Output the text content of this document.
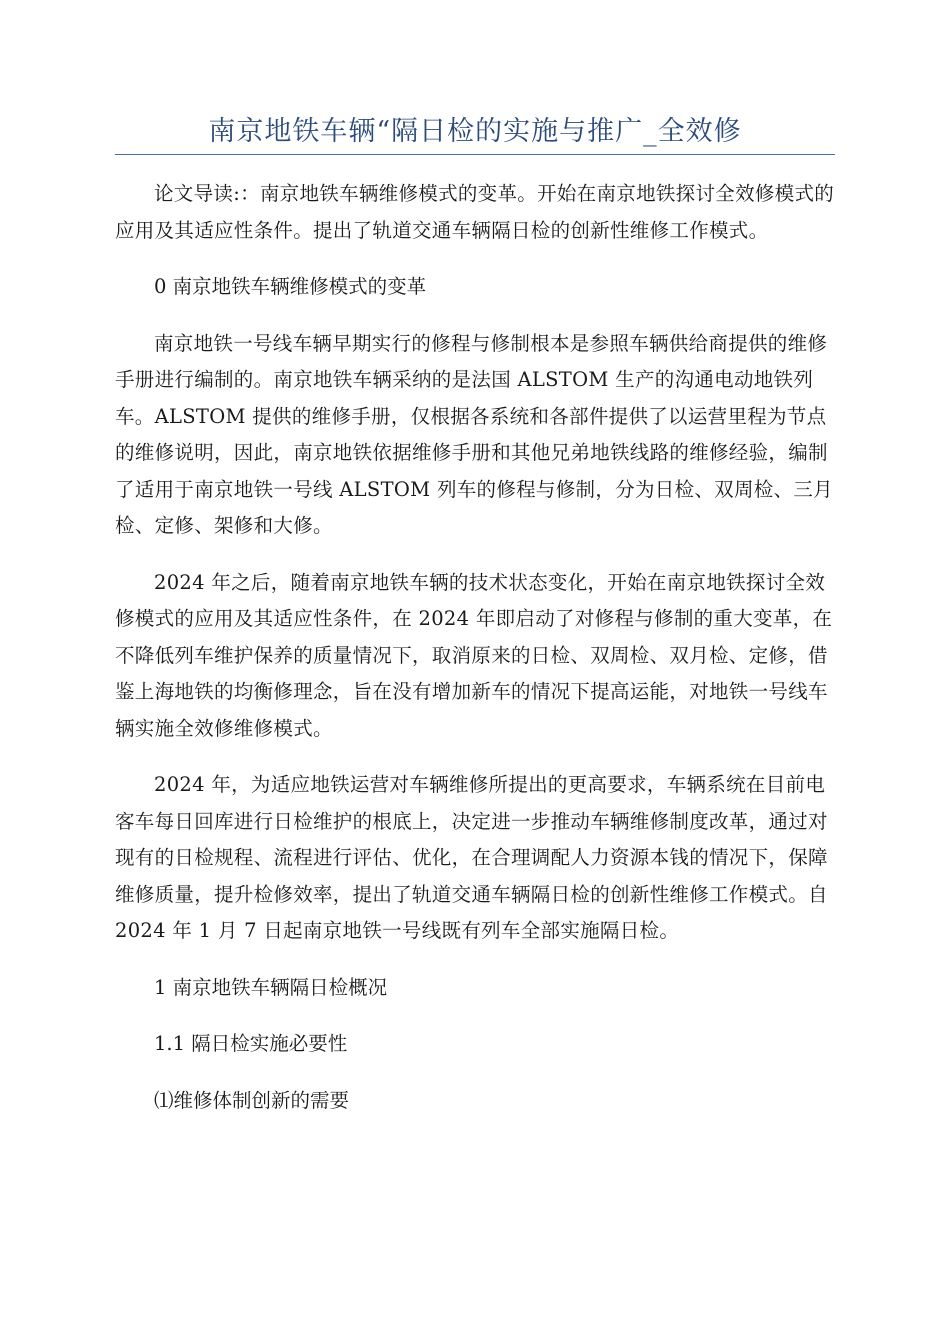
南京地铁车辆“隔日检的实施与推广_全效修

论文导读:：南京地铁车辆维修模式的变革。开始在南京地铁探讨全效修模式的应用及其适应性条件。提出了轨道交通车辆隔日检的创新性维修工作模式。

0 南京地铁车辆维修模式的变革

南京地铁一号线车辆早期实行的修程与修制根本是参照车辆供给商提供的维修手册进行编制的。南京地铁车辆采纳的是法国 ALSTOM 生产的沟通电动地铁列车。ALSTOM 提供的维修手册，仅根据各系统和各部件提供了以运营里程为节点的维修说明，因此，南京地铁依据维修手册和其他兄弟地铁线路的维修经验，编制了适用于南京地铁一号线 ALSTOM 列车的修程与修制，分为日检、双周检、三月检、定修、架修和大修。

2024 年之后，随着南京地铁车辆的技术状态变化，开始在南京地铁探讨全效修模式的应用及其适应性条件，在 2024 年即启动了对修程与修制的重大变革，在不降低列车维护保养的质量情况下，取消原来的日检、双周检、双月检、定修，借鉴上海地铁的均衡修理念，旨在没有增加新车的情况下提高运能，对地铁一号线车辆实施全效修维修模式。

2024 年，为适应地铁运营对车辆维修所提出的更高要求，车辆系统在目前电客车每日回库进行日检维护的根底上，决定进一步推动车辆维修制度改革，通过对现有的日检规程、流程进行评估、优化，在合理调配人力资源本钱的情况下，保障维修质量，提升检修效率，提出了轨道交通车辆隔日检的创新性维修工作模式。自 2024 年 1 月 7 日起南京地铁一号线既有列车全部实施隔日检。

1 南京地铁车辆隔日检概况

1.1 隔日检实施必要性

⑴维修体制创新的需要
